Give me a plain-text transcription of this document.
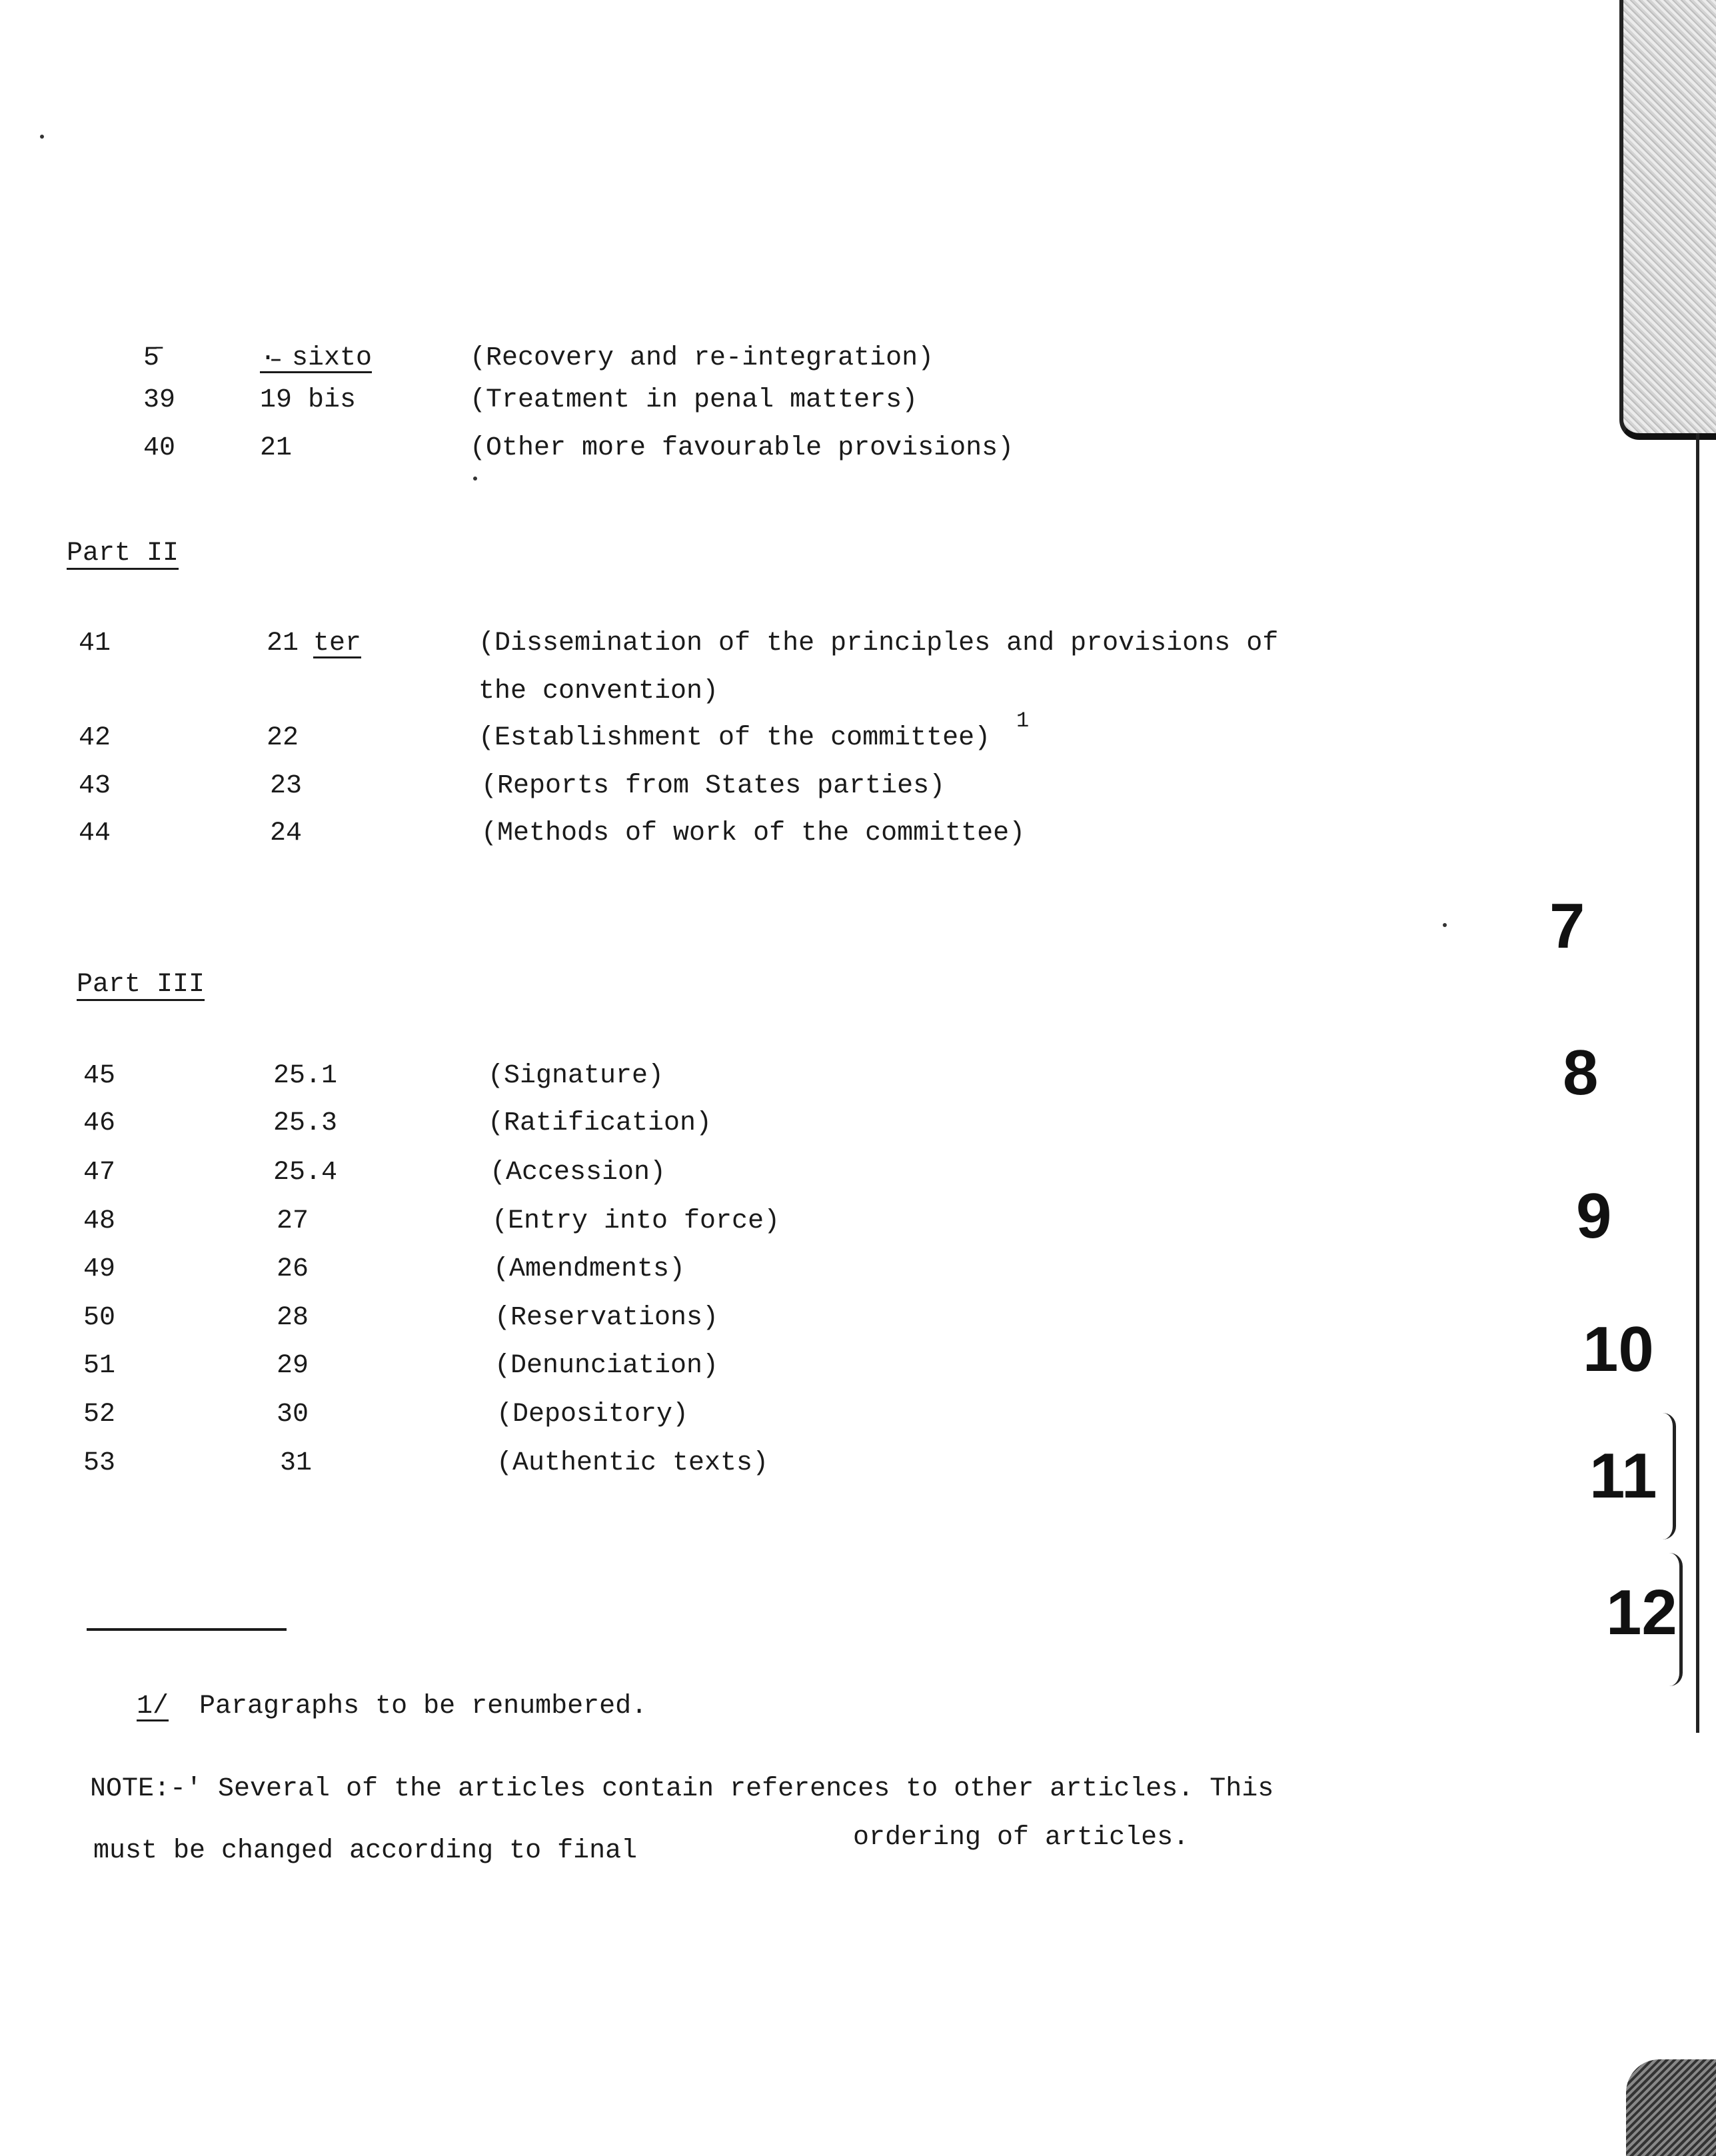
5̄	·̵ sixto	(Recovery and re-integration)
39	19 bis	(Treatment in penal matters)
40	21	(Other more favourable provisions)
Part II
41	21 ter	(Dissemination of the principles and provisions of
the convention)
42	22	(Establishment of the committee)
1
43	23	(Reports from States parties)
44	24	(Methods of work of the committee)
Part III
45	25.1	(Signature)
46	25.3	(Ratification)
47	25.4	(Accession)
48	27	(Entry into force)
49	26	(Amendments)
50	28	(Reservations)
51	29	(Denunciation)
52	30	(Depository)
53	31	(Authentic texts)
1/ Paragraphs to be renumbered.
NOTE:-' Several of the articles contain references to other articles. This
must be changed according to final	ordering of articles.
7
8
9
10
11
12
